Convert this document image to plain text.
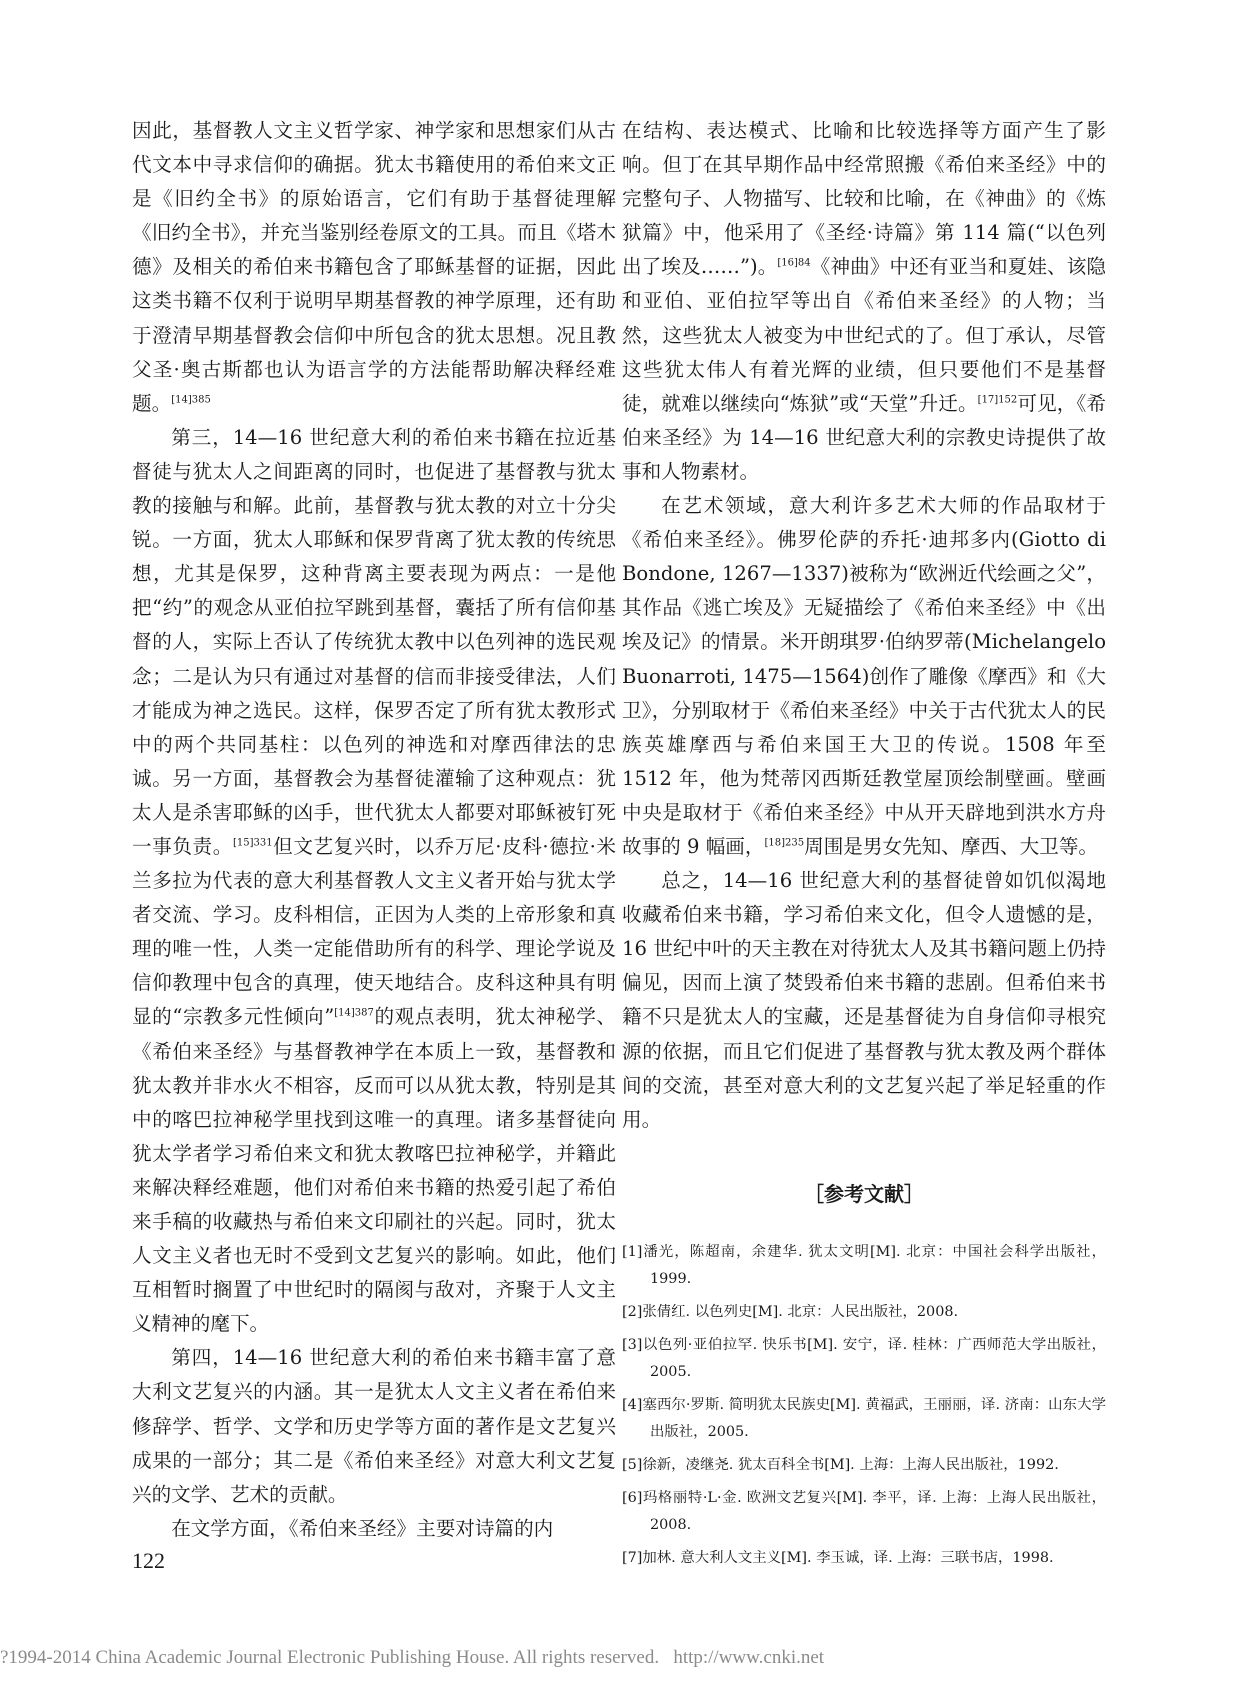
因此，基督教人文主义哲学家、神学家和思想家们从古代文本中寻求信仰的确据。犹太书籍使用的希伯来文正是《旧约全书》的原始语言，它们有助于基督徒理解《旧约全书》，并充当鉴别经卷原文的工具。而且《塔木德》及相关的希伯来书籍包含了耶稣基督的证据，因此这类书籍不仅利于说明早期基督教的神学原理，还有助于澄清早期基督教会信仰中所包含的犹太思想。况且教父圣·奥古斯都也认为语言学的方法能帮助解决释经难题。$^{[14]385}$

第三，14—16 世纪意大利的希伯来书籍在拉近基督徒与犹太人之间距离的同时，也促进了基督教与犹太教的接触与和解。此前，基督教与犹太教的对立十分尖锐。一方面，犹太人耶稣和保罗背离了犹太教的传统思想，尤其是保罗，这种背离主要表现为两点：一是他把“约”的观念从亚伯拉罕跳到基督，囊括了所有信仰基督的人，实际上否认了传统犹太教中以色列神的选民观念；二是认为只有通过对基督的信而非接受律法，人们才能成为神之选民。这样，保罗否定了所有犹太教形式中的两个共同基柱：以色列的神选和对摩西律法的忠诚。另一方面，基督教会为基督徒灌输了这种观点：犹太人是杀害耶稣的凶手，世代犹太人都要对耶稣被钉死一事负责。$^{[15]331}$但文艺复兴时，以乔万尼·皮科·德拉·米兰多拉为代表的意大利基督教人文主义者开始与犹太学者交流、学习。皮科相信，正因为人类的上帝形象和真理的唯一性，人类一定能借助所有的科学、理论学说及信仰教理中包含的真理，使天地结合。皮科这种具有明显的“宗教多元性倾向”$^{[14]387}$的观点表明，犹太神秘学、《希伯来圣经》与基督教神学在本质上一致，基督教和犹太教并非水火不相容，反而可以从犹太教，特别是其中的喀巴拉神秘学里找到这唯一的真理。诸多基督徒向犹太学者学习希伯来文和犹太教喀巴拉神秘学，并籍此来解决释经难题，他们对希伯来书籍的热爱引起了希伯来手稿的收藏热与希伯来文印刷社的兴起。同时，犹太人文主义者也无时不受到文艺复兴的影响。如此，他们互相暂时搁置了中世纪时的隔阂与敌对，齐聚于人文主义精神的麾下。

第四，14—16 世纪意大利的希伯来书籍丰富了意大利文艺复兴的内涵。其一是犹太人文主义者在希伯来修辞学、哲学、文学和历史学等方面的著作是文艺复兴成果的一部分；其二是《希伯来圣经》对意大利文艺复兴的文学、艺术的贡献。

在文学方面，《希伯来圣经》主要对诗篇的内

在结构、表达模式、比喻和比较选择等方面产生了影响。但丁在其早期作品中经常照搬《希伯来圣经》中的完整句子、人物描写、比较和比喻，在《神曲》的《炼狱篇》中，他采用了《圣经·诗篇》第 114 篇(“以色列出了埃及……”)。$^{[16]84}$《神曲》中还有亚当和夏娃、该隐和亚伯、亚伯拉罕等出自《希伯来圣经》的人物；当然，这些犹太人被变为中世纪式的了。但丁承认，尽管这些犹太伟人有着光辉的业绩，但只要他们不是基督徒，就难以继续向“炼狱”或“天堂”升迁。$^{[17]152}$可见，《希伯来圣经》为 14—16 世纪意大利的宗教史诗提供了故事和人物素材。

在艺术领域，意大利许多艺术大师的作品取材于《希伯来圣经》。佛罗伦萨的乔托·迪邦多内(Giotto di Bondone, 1267—1337)被称为“欧洲近代绘画之父”，其作品《逃亡埃及》无疑描绘了《希伯来圣经》中《出埃及记》的情景。米开朗琪罗·伯纳罗蒂(Michelangelo Buonarroti, 1475—1564)创作了雕像《摩西》和《大卫》，分别取材于《希伯来圣经》中关于古代犹太人的民族英雄摩西与希伯来国王大卫的传说。1508 年至 1512 年，他为梵蒂冈西斯廷教堂屋顶绘制壁画。壁画中央是取材于《希伯来圣经》中从开天辟地到洪水方舟故事的 9 幅画，$^{[18]235}$周围是男女先知、摩西、大卫等。

总之，14—16 世纪意大利的基督徒曾如饥似渴地收藏希伯来书籍，学习希伯来文化，但令人遗憾的是，16 世纪中叶的天主教在对待犹太人及其书籍问题上仍持偏见，因而上演了焚毁希伯来书籍的悲剧。但希伯来书籍不只是犹太人的宝藏，还是基督徒为自身信仰寻根究源的依据，而且它们促进了基督教与犹太教及两个群体间的交流，甚至对意大利的文艺复兴起了举足轻重的作用。

［参考文献］
[1]潘光，陈超南，余建华. 犹太文明[M]. 北京：中国社会科学出版社，1999.
[2]张倩红. 以色列史[M]. 北京：人民出版社，2008.
[3]以色列·亚伯拉罕. 快乐书[M]. 安宁，译. 桂林：广西师范大学出版社，2005.
[4]塞西尔·罗斯. 简明犹太民族史[M]. 黄福武，王丽丽，译. 济南：山东大学出版社，2005.
[5]徐新，凌继尧. 犹太百科全书[M]. 上海：上海人民出版社，1992.
[6]玛格丽特·L·金. 欧洲文艺复兴[M]. 李平，译. 上海：上海人民出版社，2008.
[7]加林. 意大利人文主义[M]. 李玉诚，译. 上海：三联书店，1998.
122
?1994-2014 China Academic Journal Electronic Publishing House. All rights reserved. http://www.cnki.net
